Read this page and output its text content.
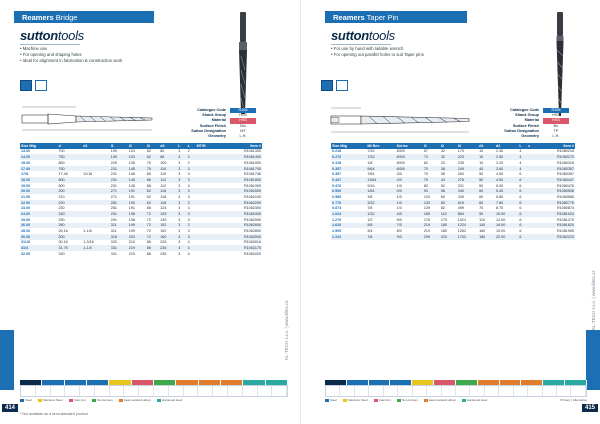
Reamers Bridge
suttontools
• Machine use
• For opening and shaping holes
• Ideal for alignment in fabrication & construction work
Catalogue Code	R106
Shank Group	HSS
Material	HSS
Surface Finish	Blu
Sutton Designation	MT
Geometry	L.H.
Size Mtg	d	d1	l1	l2	l3	d2	L	z	MT/R	Item #
13.00	700		199	103	62	80	3	2		R1061300
14.00	750		199	103	62	86	3	2		R1061400
15.00	800		229	135	75	100	3	2		R1061500
17.00	750		231	145	75	110	3	3		R1061700
17/8	17.46	11/16	231	146	80	110	3	3		R1061746
18.00	800		231	145	86	112	3	3		R1061800
19.00	800		231	145	86	112	3	3		R1061900
20.00	200		271	191	62	118	3	3		R1062000
21.00	210		271	191	62	118	3	3		R1062100
22.00	220		281	190	62	118	3	3		R1062200
23.00	230		281	191	66	124	3	3		R1062300
24.00	240		291	198	72	139	3	3		R1062400
25.00	250		291	198	72	139	3	3		R1062500
26.00	260		311	199	72	152	3	3		R1062600
28.00	26.16	1-1/8	311	199	72	152	3	3		R1062800
30.00	300		316	203	72	160	3	3		R1063000
31/16	30.16	1-3/16	320	210	86	226	3	4		R1063016
31/4	31.75	1-1/4	331	219	86	236	3	4		R1063175
32.00	320		331	219	86	236	3	4		R1063200
KL-TECH s.r.o. | www.kltec.cz
Steel	Stainless Steel	Cast Iron	Non-ferrous	Heat-resistant alloys	Hardened steel
414
* Not available as a semi-standard product
Reamers Taper Pin
suttontools
• For use by hand with tailable wrench
• For opening out parallel holes to suit Taper pins
Catalogue Code	R108
Shank Group	HSS
Material	HSS
Surface Finish	Bri
Sutton Designation	TP
Geometry	L.H.
Size Mtg	Mt Bev	Series	l1	l2	l3	d1	d2	L	z	Item #
0.218	7/32	8/0/0	57	32	170	10	2.40	4		R1080218
0.270	7/32	8/0/0	73	32	223	10	2.80	4		R1080270
0.318	1/8	8/0/0	62	33	235	10	3.20	4		R1080318
0.357	9/64	8/0/0	70	38	249	40	3.60	4		R1080357
0.357	7/64	3/0	79	38	263	50	4.00	6		R1080357
0.447	11/64	2/0	79	43	278	50	4.50	6		R1080447
0.476	9/16	1/0	82	52	321	50	5.00	6		R1080476
0.506	1/64	0/0	93	58	340	60	5.40	6		R1080506
0.585	3/8	1/0	120	60	349	60	5.80	6		R1080585
0.776	3/32	1/0	133	80	519	60	7.80	6		R1080776
0.874	7/8	1/0	139	82	499	70	8.70	6		R1080874
1.024	1/32	4/0	165	110	864	90	10.00	6		R1081024
1.270	1/2	5/0	176	170	1021	110	12.00	6		R1081270
1.620	5/8	7/0	219	180	1224	140	16.00	6		R1081620
1.905	3/4	8/0	219	180	1262	160	19.00	6		R1081905
2.223	7/8	9/0	299	210	1702	180	22.00	6		R1082223
KL-TECH s.r.o. | www.kltec.cz
Steel	Stainless Steel	Cast Iron	Non-ferrous	Heat-resistant alloys	Hardened steel	Primary | Alternative
415
